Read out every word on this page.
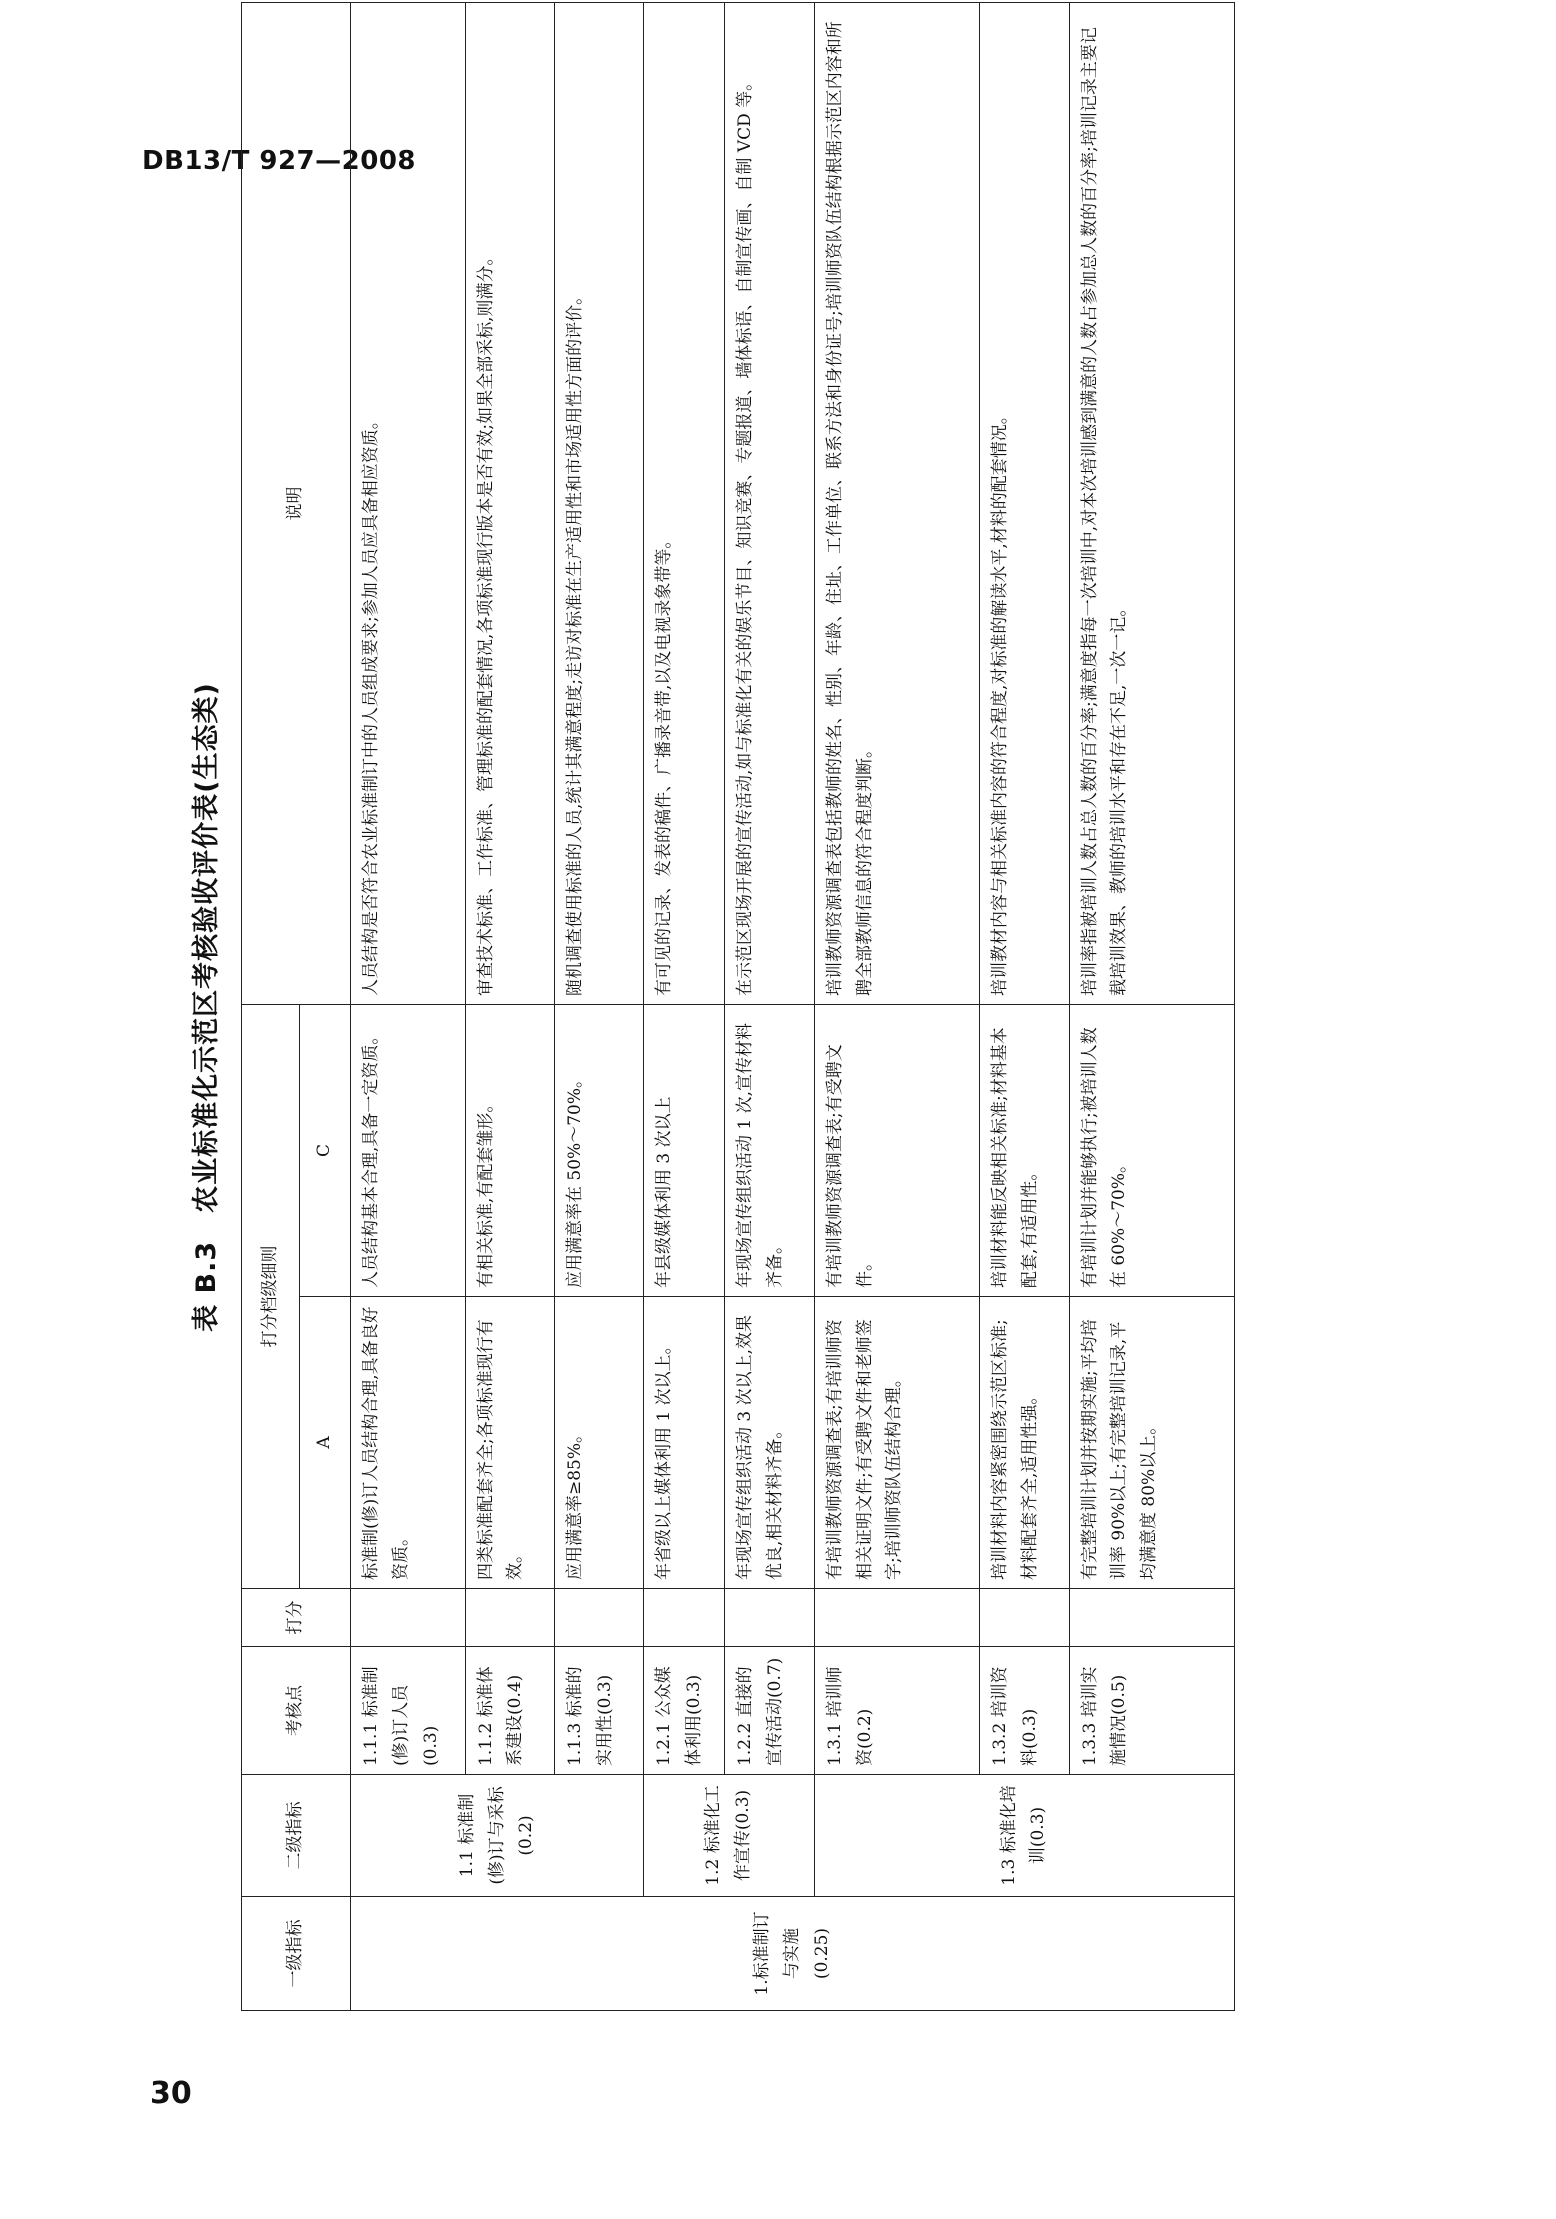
DB13/T 927—2008
表 B.3　农业标准化示范区考核验收评价表(生态类)
一级指标	二级指标	考核点	打分	打分档级细则		说明
				A	C	
1.标准制订与实施(0.25)	1.1 标准制(修)订与采标(0.2)	1.1.1 标准制(修)订人员(0.3)		标准制(修)订人员结构合理,具备良好资质。	人员结构基本合理,具备一定资质。	人员结构是否符合农业标准制订中的人员组成要求;参加人员应具备相应资质。
		1.1.2 标准体系建设(0.4)		四类标准配套齐全;各项标准现行有效。	有相关标准,有配套雏形。	审查技术标准、工作标准、管理标准的配套情况,各项标准现行版本是否有效;如果全部采标,则满分。
		1.1.3 标准的实用性(0.3)		应用满意率≥85%。	应用满意率在 50%～70%。	随机调查使用标准的人员,统计其满意程度;走访对标准在生产适用性和市场适用性方面的评价。
	1.2 标准化工作宣传(0.3)	1.2.1 公众媒体利用(0.3)		年省级以上媒体利用 1 次以上。	年县级媒体利用 3 次以上	有可见的记录、发表的稿件、广播录音带,以及电视录象带等。
		1.2.2 直接的宣传活动(0.7)		年现场宣传组织活动 3 次以上,效果优良,相关材料齐备。	年现场宣传组织活动 1 次,宣传材料齐备。	在示范区现场开展的宣传活动,如与标准化有关的娱乐节目、知识竞赛、专题报道、墙体标语、自制宣传画、自制 VCD 等。
	1.3 标准化培训(0.3)	1.3.1 培训师资(0.2)		有培训教师资源调查表;有培训师资相关证明文件;有受聘文件和老师签字;培训师资队伍结构合理。	有培训教师资源调查表;有受聘文件。	培训教师资源调查表包括教师的姓名、性别、年龄、住址、工作单位、联系方法和身份证号;培训师资队伍结构根据示范区内容和所聘全部教师信息的符合程度判断。
		1.3.2 培训资料(0.3)		培训材料内容紧密围绕示范区标准;材料配套齐全,适用性强。	培训材料能反映相关标准;材料基本配套,有适用性。	培训教材内容与相关标准内容的符合程度,对标准的解读水平,材料的配套情况。
		1.3.3 培训实施情况(0.5)		有完整培训计划并按期实施;平均培训率 90%以上;有完整培训记录,平均满意度 80%以上。	有培训计划并能够执行;被培训人数在 60%～70%。	培训率指被培训人数占总人数的百分率;满意度指每一次培训中,对本次培训感到满意的人数占参加总人数的百分率;培训记录主要记载培训效果、教师的培训水平和存在不足,一次一记。
30
